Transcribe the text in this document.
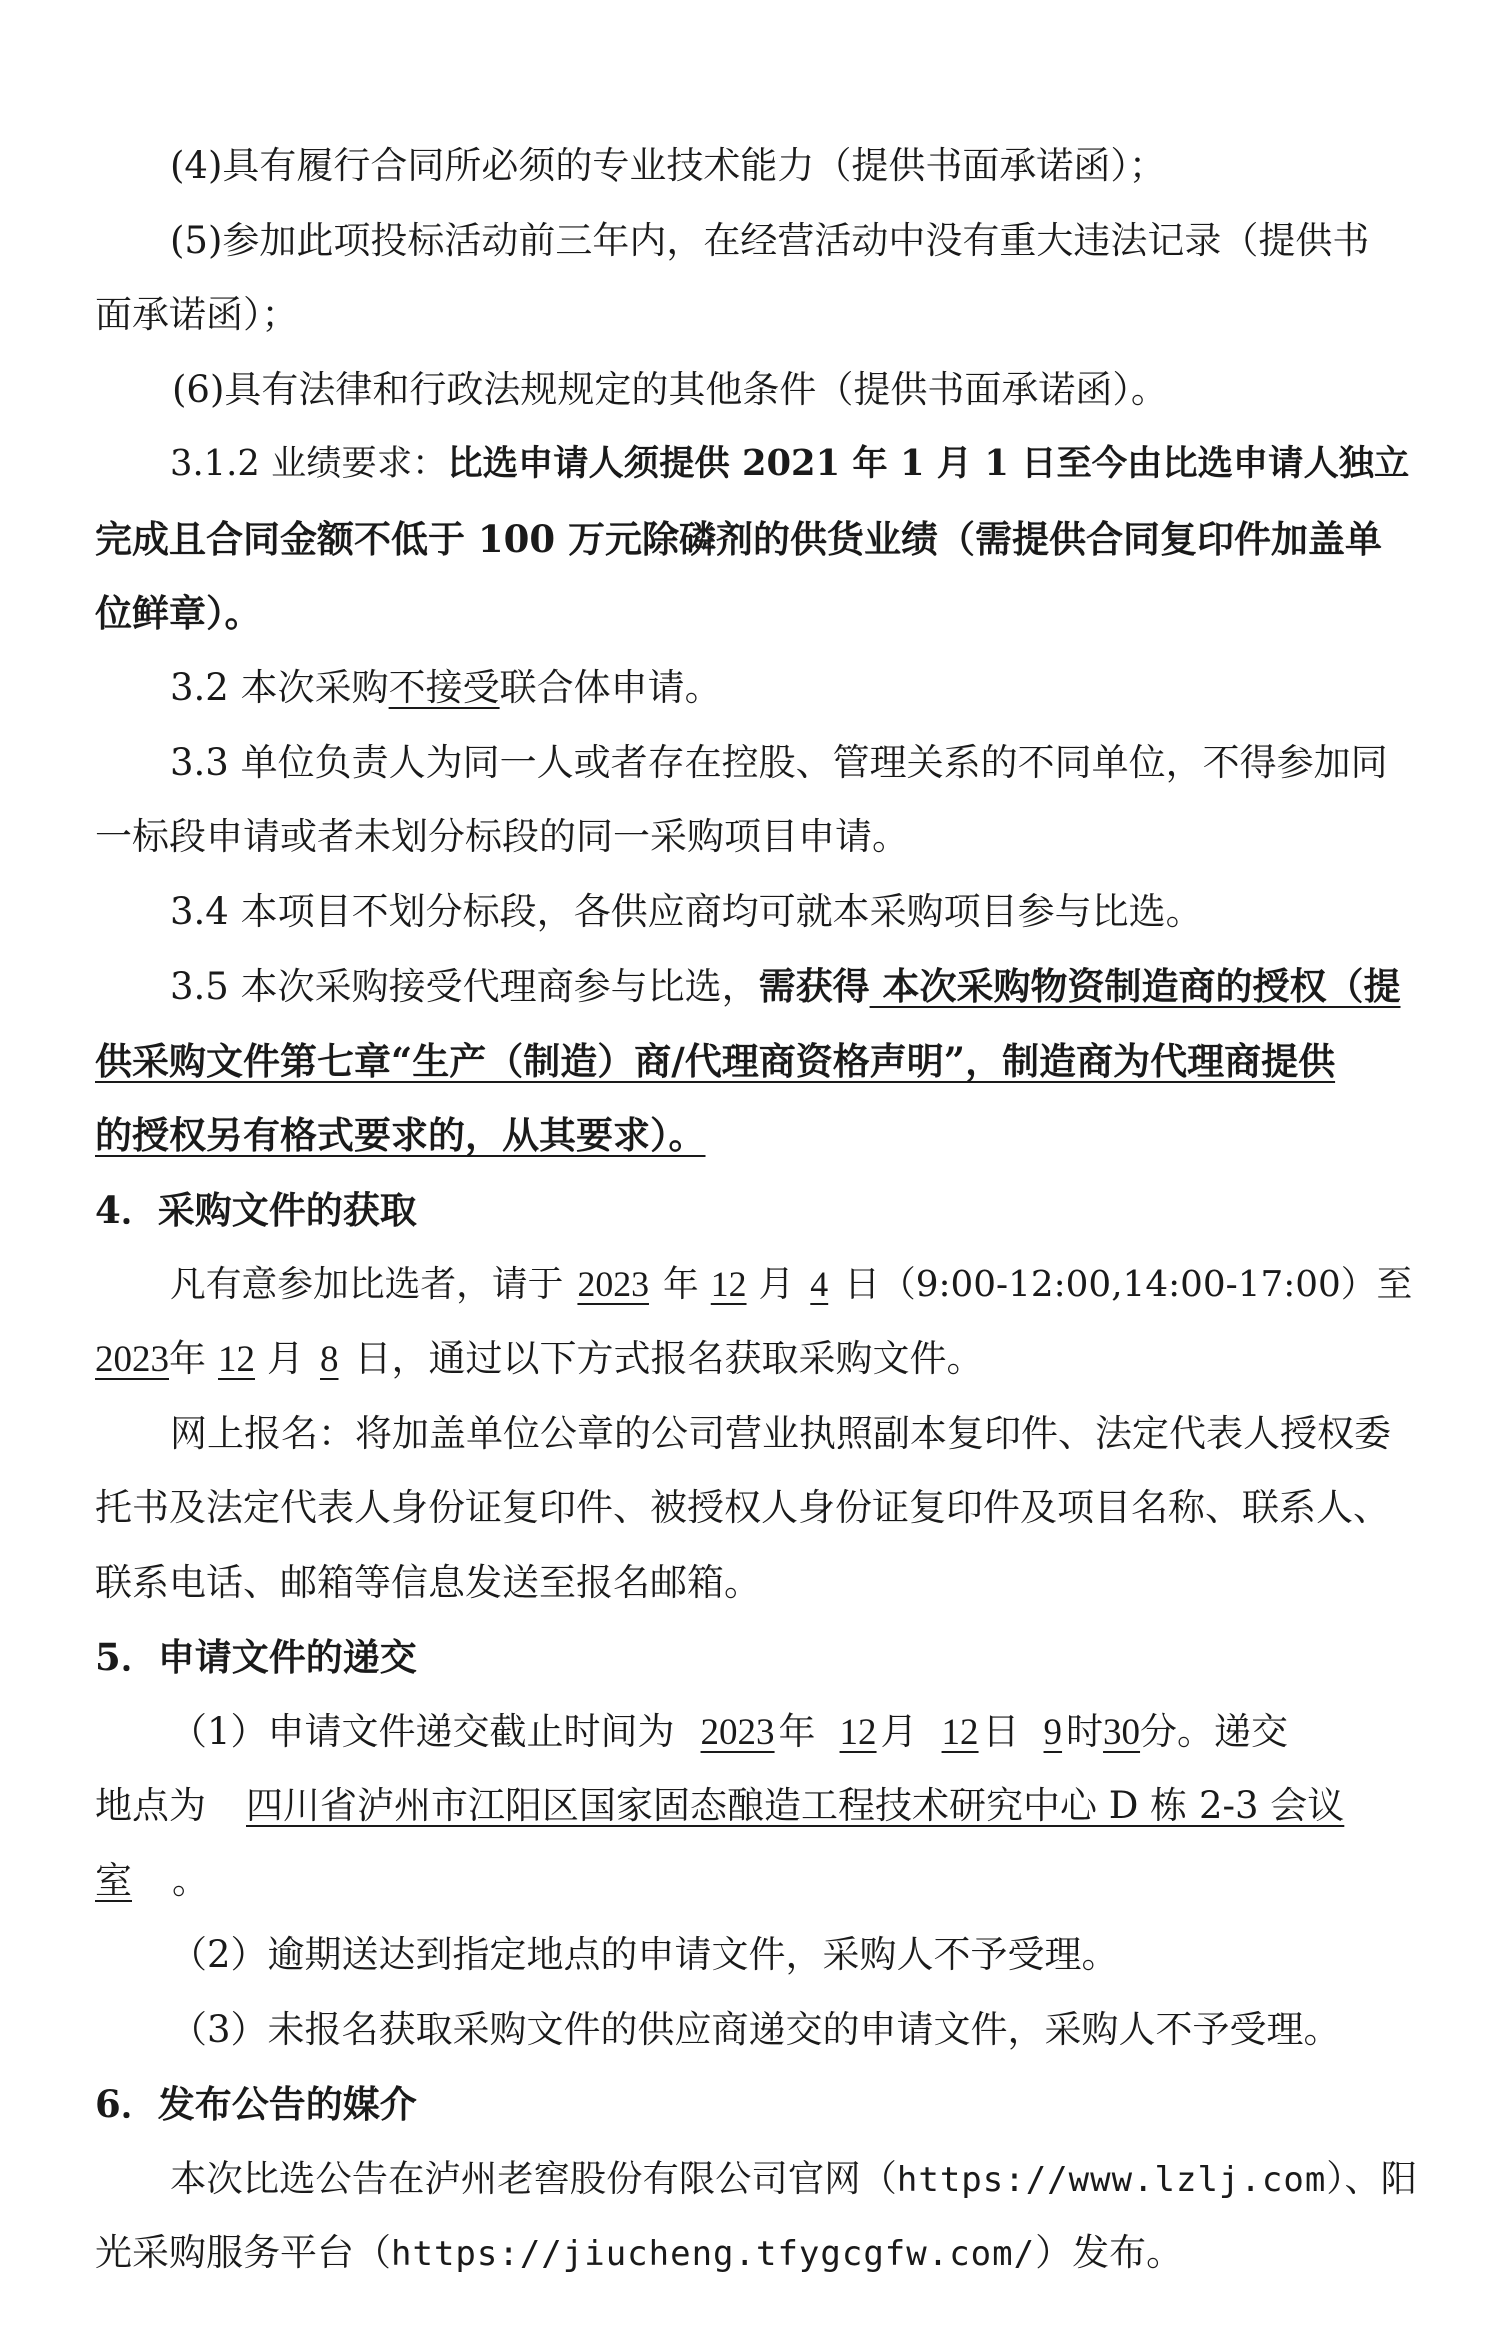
(4)具有履行合同所必须的专业技术能力（提供书面承诺函）；
(5)参加此项投标活动前三年内，在经营活动中没有重大违法记录（提供书
面承诺函）；
(6)具有法律和行政法规规定的其他条件（提供书面承诺函）。
3.1.2 业绩要求：比选申请人须提供 2021 年 1 月 1 日至今由比选申请人独立
完成且合同金额不低于 100 万元除磷剂的供货业绩（需提供合同复印件加盖单
位鲜章）。
3.2 本次采购不接受联合体申请。
3.3 单位负责人为同一人或者存在控股、管理关系的不同单位，不得参加同
一标段申请或者未划分标段的同一采购项目申请。
3.4 本项目不划分标段，各供应商均可就本采购项目参与比选。
3.5 本次采购接受代理商参与比选，需获得 本次采购物资制造商的授权（提
供采购文件第七章“生产（制造）商/代理商资格声明”，制造商为代理商提供
的授权另有格式要求的，从其要求）。
4．采购文件的获取
凡有意参加比选者，请于 2023 年 12 月 4 日（9:00-12:00,14:00-17:00）至
2023年 12 月 8 日，通过以下方式报名获取采购文件。
网上报名：将加盖单位公章的公司营业执照副本复印件、法定代表人授权委
托书及法定代表人身份证复印件、被授权人身份证复印件及项目名称、联系人、
联系电话、邮箱等信息发送至报名邮箱。
5．申请文件的递交
（1）申请文件递交截止时间为 2023 年 12 月 12 日 9 时30分。递交
地点为 四川省泸州市江阳区国家固态酿造工程技术研究中心 D 栋 2-3 会议
室 。
（2）逾期送达到指定地点的申请文件，采购人不予受理。
（3）未报名获取采购文件的供应商递交的申请文件，采购人不予受理。
6．发布公告的媒介
本次比选公告在泸州老窖股份有限公司官网（https://www.lzlj.com）、阳
光采购服务平台（https://jiucheng.tfygcgfw.com/）发布。
